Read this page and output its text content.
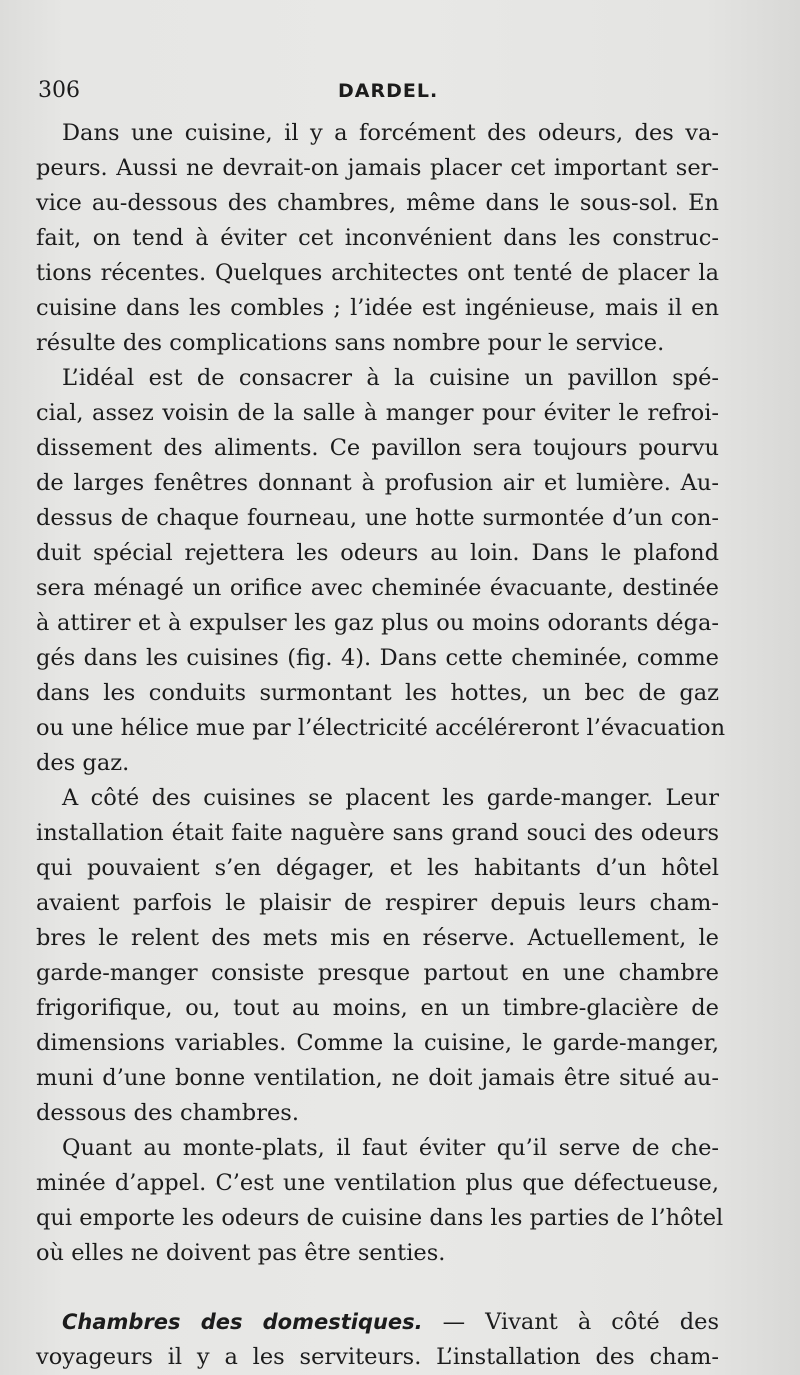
306	DARDEL.
Dans une cuisine, il y a forcément des odeurs, des va-
peurs. Aussi ne devrait-on jamais placer cet important ser-
vice au-dessous des chambres, même dans le sous-sol. En
fait, on tend à éviter cet inconvénient dans les construc-
tions récentes. Quelques architectes ont tenté de placer la
cuisine dans les combles ; l’idée est ingénieuse, mais il en
résulte des complications sans nombre pour le service.
L’idéal est de consacrer à la cuisine un pavillon spé-
cial, assez voisin de la salle à manger pour éviter le refroi-
dissement des aliments. Ce pavillon sera toujours pourvu
de larges fenêtres donnant à profusion air et lumière. Au-
dessus de chaque fourneau, une hotte surmontée d’un con-
duit spécial rejettera les odeurs au loin. Dans le plafond
sera ménagé un orifice avec cheminée évacuante, destinée
à attirer et à expulser les gaz plus ou moins odorants déga-
gés dans les cuisines (fig. 4). Dans cette cheminée, comme
dans les conduits surmontant les hottes, un bec de gaz
ou une hélice mue par l’électricité accéléreront l’évacuation
des gaz.
A côté des cuisines se placent les garde-manger. Leur
installation était faite naguère sans grand souci des odeurs
qui pouvaient s’en dégager, et les habitants d’un hôtel
avaient parfois le plaisir de respirer depuis leurs cham-
bres le relent des mets mis en réserve. Actuellement, le
garde-manger consiste presque partout en une chambre
frigorifique, ou, tout au moins, en un timbre-glacière de
dimensions variables. Comme la cuisine, le garde-manger,
muni d’une bonne ventilation, ne doit jamais être situé au-
dessous des chambres.
Quant au monte-plats, il faut éviter qu’il serve de che-
minée d’appel. C’est une ventilation plus que défectueuse,
qui emporte les odeurs de cuisine dans les parties de l’hôtel
où elles ne doivent pas être senties.
Chambres des domestiques. — Vivant à côté des
voyageurs il y a les serviteurs. L’installation des cham-
